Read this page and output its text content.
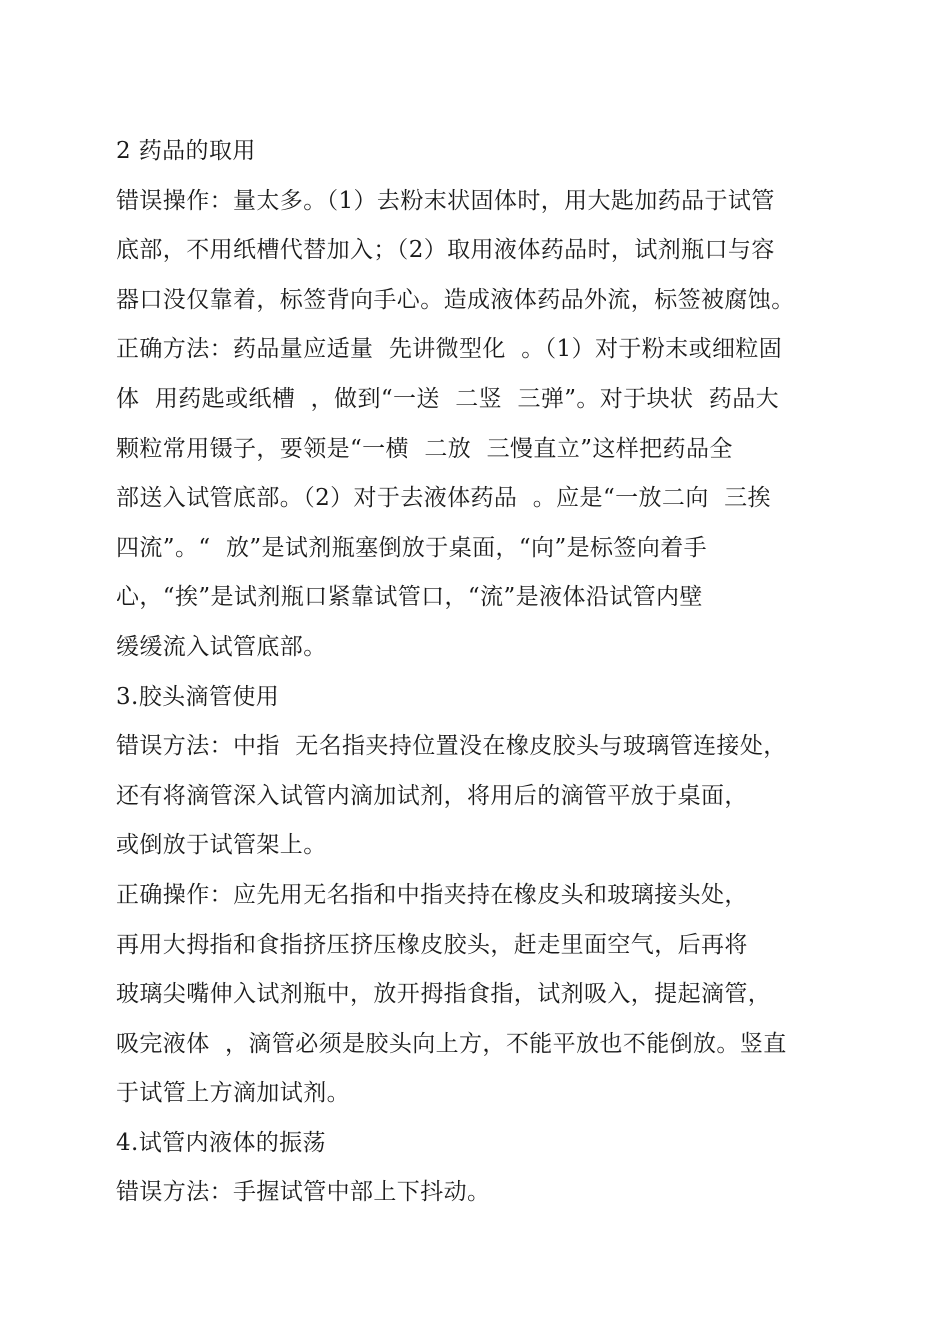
2 药品的取用
错误操作：量太多。（1）去粉末状固体时，用大匙加药品于试管
底部，不用纸槽代替加入；（2）取用液体药品时，试剂瓶口与容
器口没仅靠着，标签背向手心。造成液体药品外流，标签被腐蚀。
正确方法：药品量应适量  先讲微型化  。（1）对于粉末或细粒固
体  用药匙或纸槽  ，做到“一送  二竖  三弹”。对于块状  药品大
颗粒常用镊子，要领是“一横  二放  三慢直立”这样把药品全
部送入试管底部。（2）对于去液体药品  。应是“一放二向  三挨
四流”。“  放”是试剂瓶塞倒放于桌面，“向”是标签向着手
心，“挨”是试剂瓶口紧靠试管口，“流”是液体沿试管内壁
缓缓流入试管底部。
3.胶头滴管使用
错误方法：中指  无名指夹持位置没在橡皮胶头与玻璃管连接处，
还有将滴管深入试管内滴加试剂，将用后的滴管平放于桌面，
或倒放于试管架上。
正确操作：应先用无名指和中指夹持在橡皮头和玻璃接头处，
再用大拇指和食指挤压挤压橡皮胶头，赶走里面空气，后再将
玻璃尖嘴伸入试剂瓶中，放开拇指食指，试剂吸入，提起滴管，
吸完液体  ，滴管必须是胶头向上方，不能平放也不能倒放。竖直
于试管上方滴加试剂。
4.试管内液体的振荡
错误方法：手握试管中部上下抖动。
